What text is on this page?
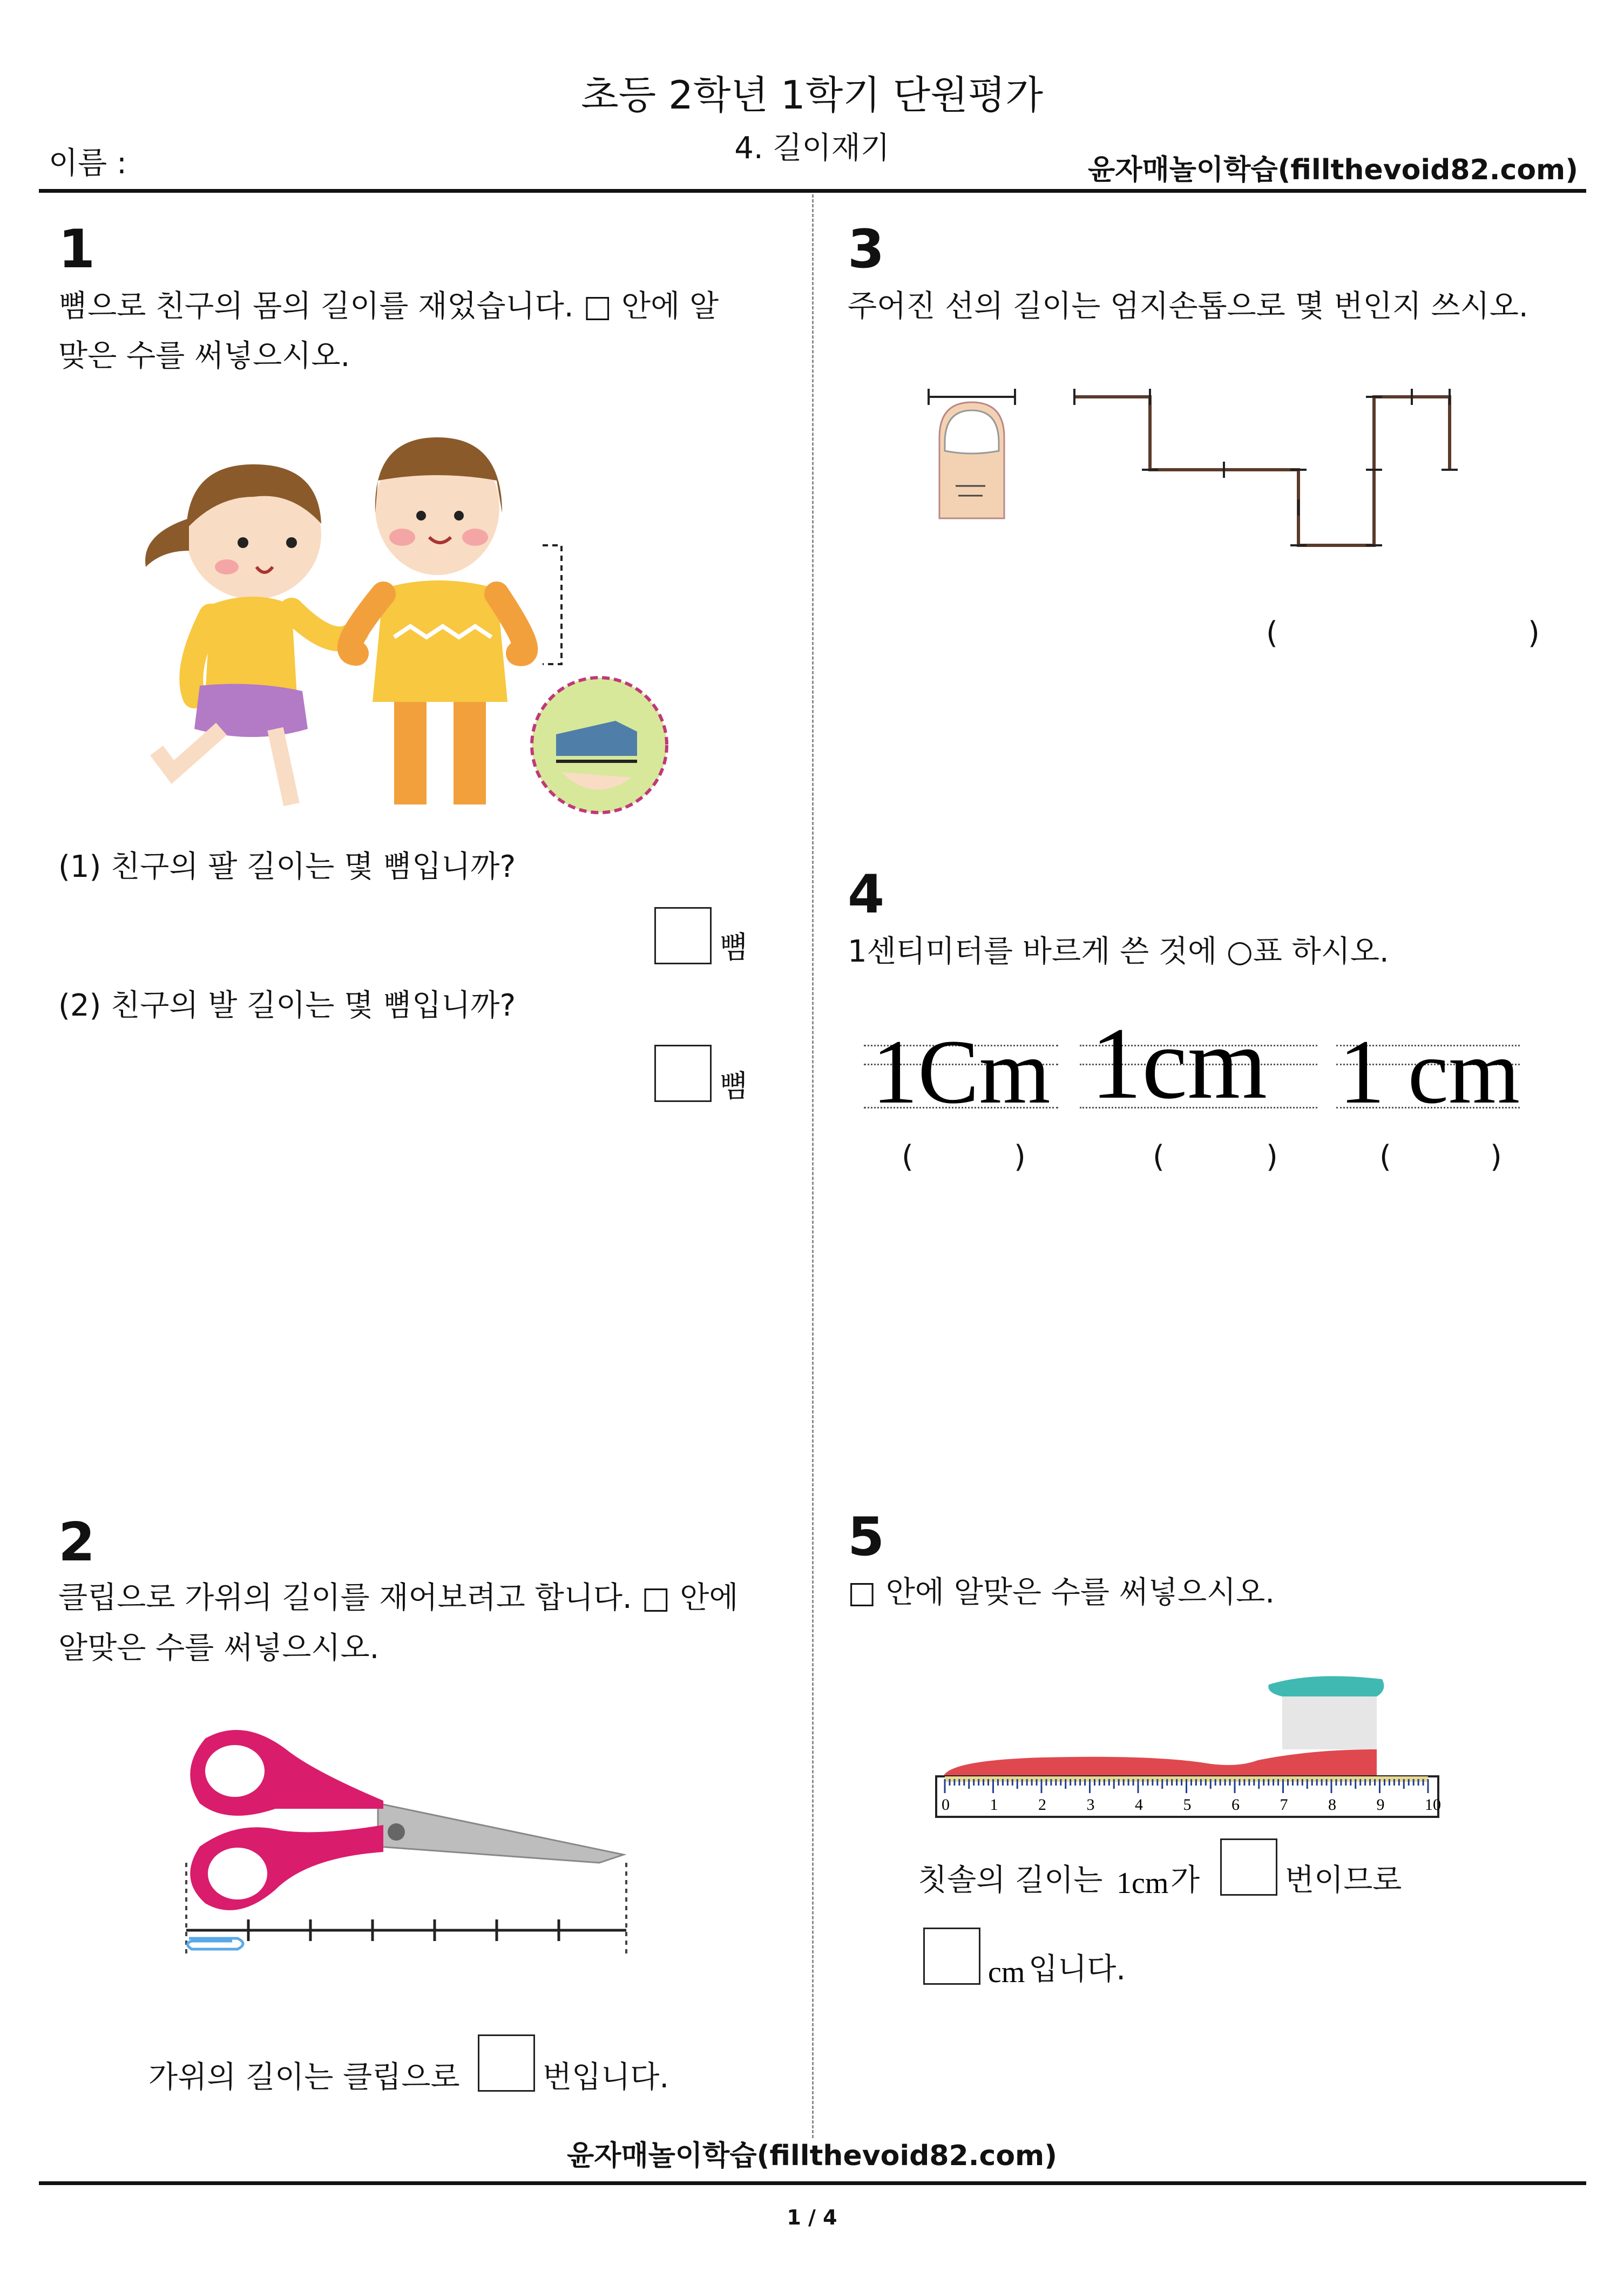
초등 2학년 1학기 단원평가
4. 길이재기
이름 :	윤자매놀이학습(fillthevoid82.com)
1
뼘으로 친구의 몸의 길이를 재었습니다. □ 안에 알
맞은 수를 써넣으시오.
(1) 친구의 팔 길이는 몇 뼘입니까?
뼘
(2) 친구의 발 길이는 몇 뼘입니까?
뼘
2
클립으로 가위의 길이를 재어보려고 합니다. □ 안에
알맞은 수를 써넣으시오.
가위의 길이는 클립으로	번입니다.
3
주어진 선의 길이는 엄지손톱으로 몇 번인지 쓰시오.
(	)
4
1센티미터를 바르게 쓴 것에 ○표 하시오.
1Cm
(	)
1cm
(	)
1 cm
(	)
5
□ 안에 알맞은 수를 써넣으시오.
0 1 2 3 4 5 6 7 8 9 10
칫솔의 길이는 1cm 가	번이므로
cm 입니다.
윤자매놀이학습(fillthevoid82.com)
1 / 4
